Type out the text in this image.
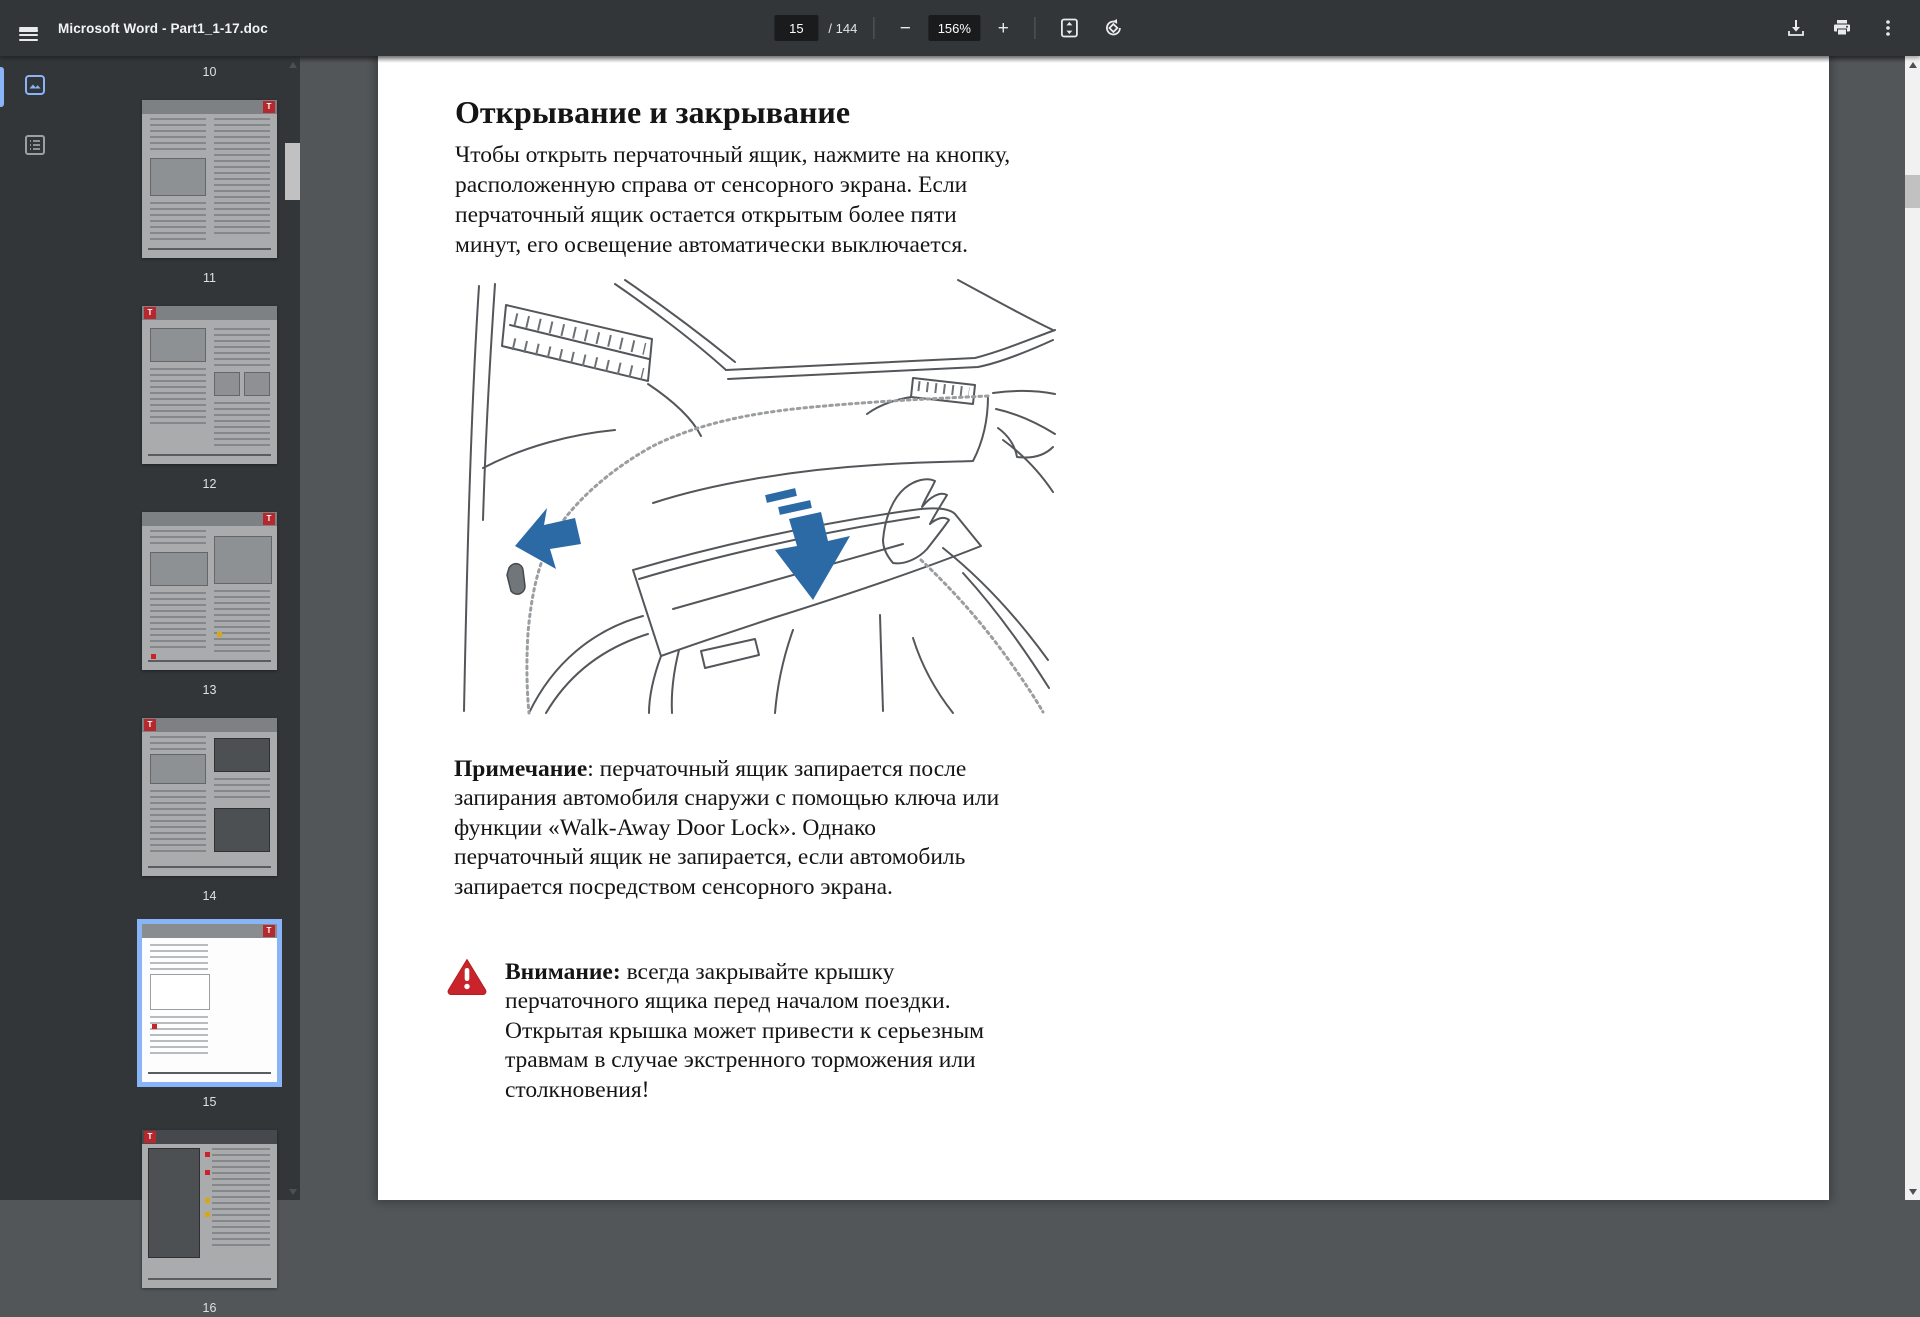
Microsoft Word - Part1_1-17.doc
15	/ 144	−	156%	+
10
T
11
T
12
T
13
T
14
T
15
T
16
Открывание и закрывание
Чтобы открыть перчаточный ящик, нажмите на кнопку,
расположенную справа от сенсорного экрана. Если
перчаточный ящик остается открытым более пяти
минут, его освещение автоматически выключается.
Примечание: перчаточный ящик запирается после
запирания автомобиля снаружи с помощью ключа или
функции «Walk-Away Door Lock». Однако
перчаточный ящик не запирается, если автомобиль
запирается посредством сенсорного экрана.
Внимание: всегда закрывайте крышку
перчаточного ящика перед началом поездки.
Открытая крышка может привести к серьезным
травмам в случае экстренного торможения или
столкновения!
